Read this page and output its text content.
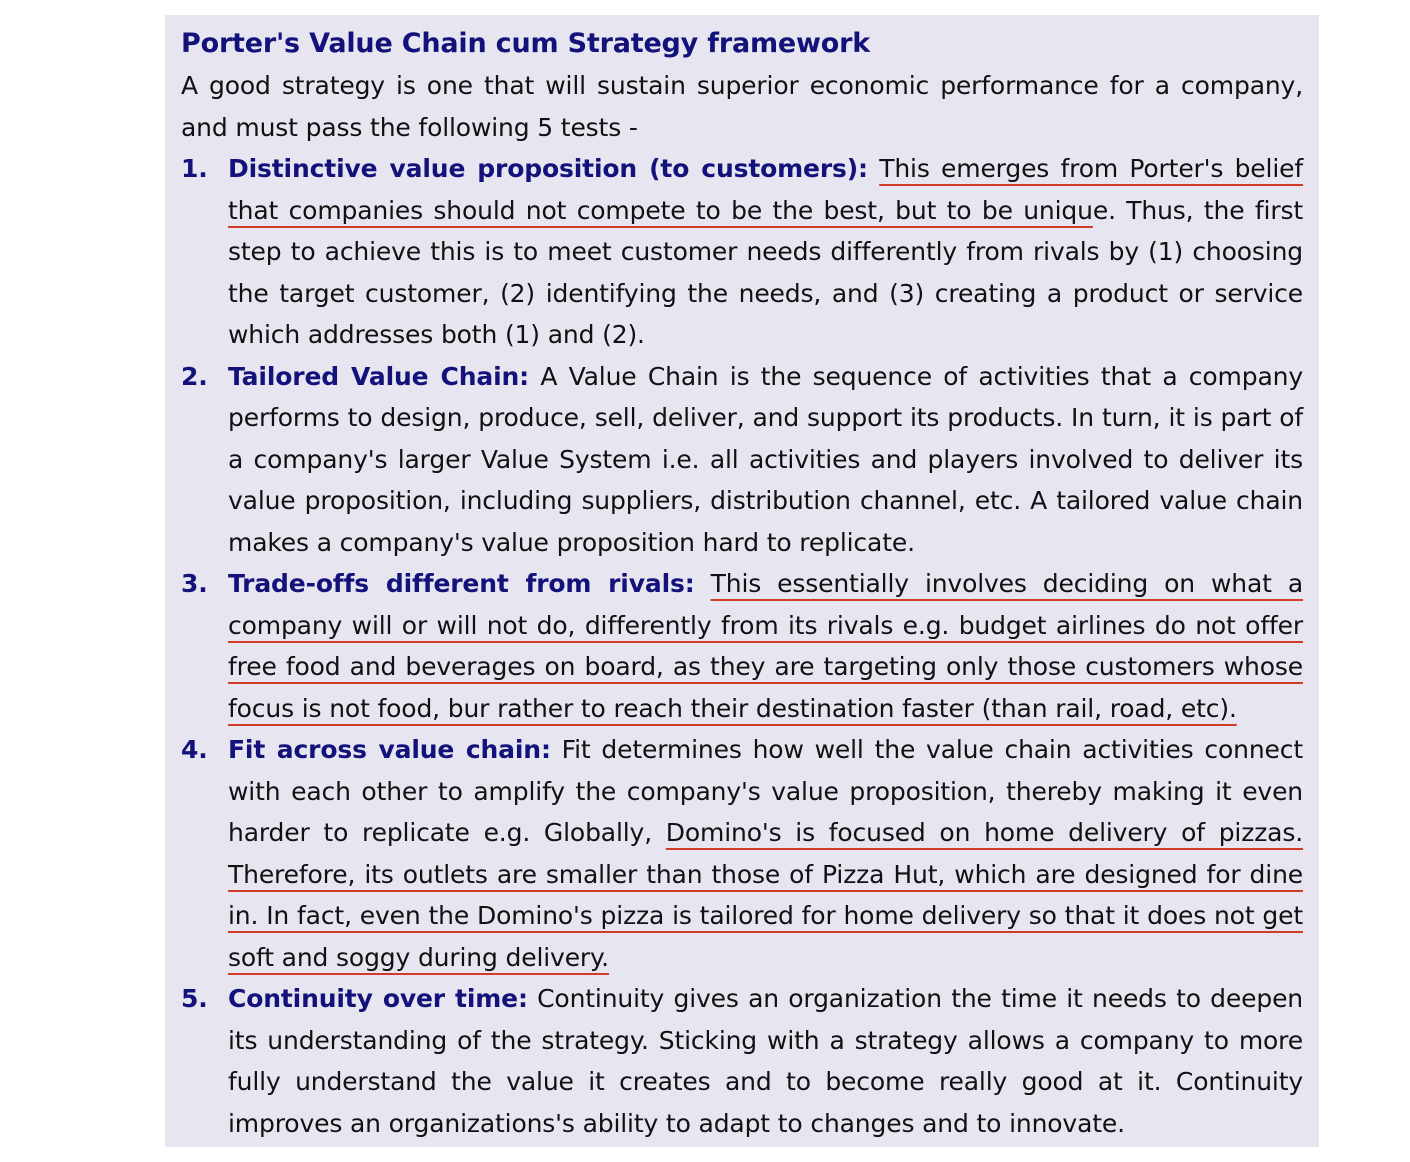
Porter's Value Chain cum Strategy framework

A good strategy is one that will sustain superior economic performance for a company, and must pass the following 5 tests -

1. Distinctive value proposition (to customers): This emerges from Porter's belief that companies should not compete to be the best, but to be unique. Thus, the first step to achieve this is to meet customer needs differently from rivals by (1) choosing the target customer, (2) identifying the needs, and (3) creating a product or service which addresses both (1) and (2).
2. Tailored Value Chain: A Value Chain is the sequence of activities that a company performs to design, produce, sell, deliver, and support its products. In turn, it is part of a company's larger Value System i.e. all activities and players involved to deliver its value proposition, including suppliers, distribution channel, etc. A tailored value chain makes a company's value proposition hard to replicate.
3. Trade-offs different from rivals: This essentially involves deciding on what a company will or will not do, differently from its rivals e.g. budget airlines do not offer free food and beverages on board, as they are targeting only those customers whose focus is not food, bur rather to reach their destination faster (than rail, road, etc).
4. Fit across value chain: Fit determines how well the value chain activities connect with each other to amplify the company's value proposition, thereby making it even harder to replicate e.g. Globally, Domino's is focused on home delivery of pizzas. Therefore, its outlets are smaller than those of Pizza Hut, which are designed for dine in. In fact, even the Domino's pizza is tailored for home delivery so that it does not get soft and soggy during delivery.
5. Continuity over time: Continuity gives an organization the time it needs to deepen its understanding of the strategy. Sticking with a strategy allows a company to more fully understand the value it creates and to become really good at it. Continuity improves an organizations's ability to adapt to changes and to innovate.
